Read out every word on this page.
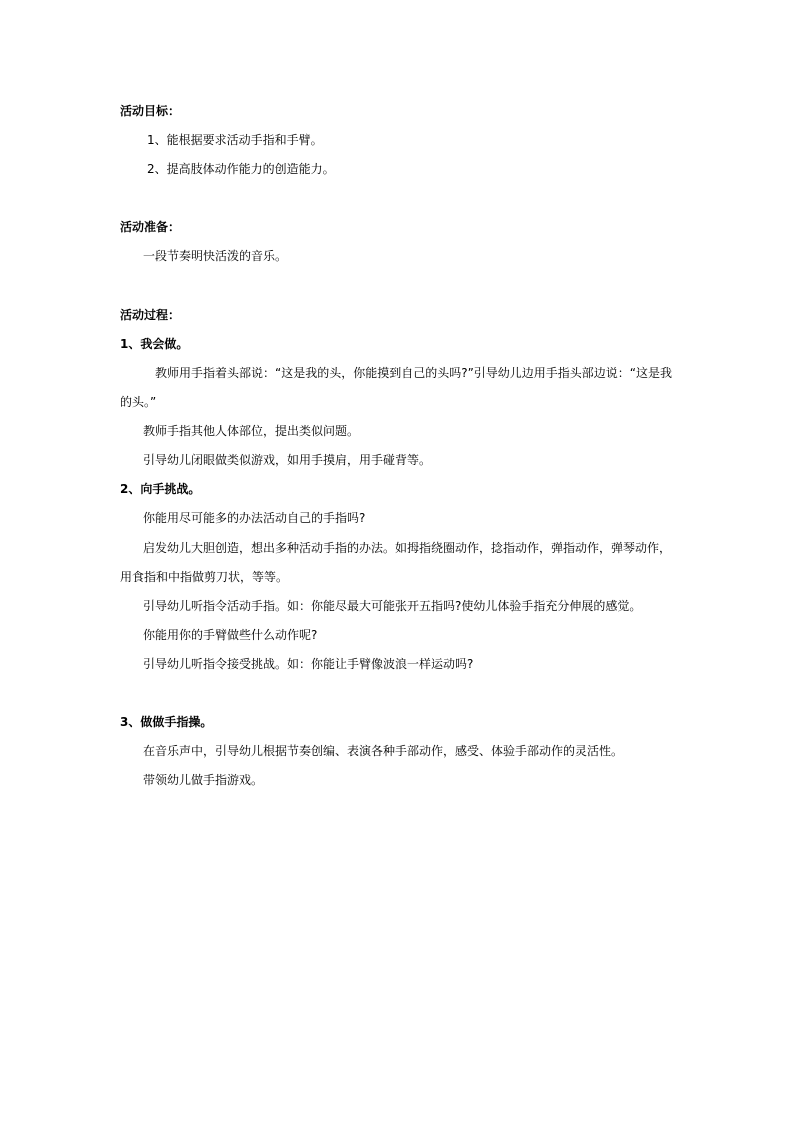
活动目标：
1、能根据要求活动手指和手臂。
2、提高肢体动作能力的创造能力。
活动准备：
一段节奏明快活泼的音乐。
活动过程：
1、我会做。
教师用手指着头部说：“这是我的头，你能摸到自己的头吗?”引导幼儿边用手指头部边说：“这是我
的头。”
教师手指其他人体部位，提出类似问题。
引导幼儿闭眼做类似游戏，如用手摸肩，用手碰背等。
2、向手挑战。
你能用尽可能多的办法活动自己的手指吗?
启发幼儿大胆创造，想出多种活动手指的办法。如拇指绕圈动作，捻指动作，弹指动作，弹琴动作，
用食指和中指做剪刀状，等等。
引导幼儿听指令活动手指。如：你能尽最大可能张开五指吗?使幼儿体验手指充分伸展的感觉。
你能用你的手臂做些什么动作呢?
引导幼儿听指令接受挑战。如：你能让手臂像波浪一样运动吗?
3、做做手指操。
在音乐声中，引导幼儿根据节奏创编、表演各种手部动作，感受、体验手部动作的灵活性。
带领幼儿做手指游戏。
